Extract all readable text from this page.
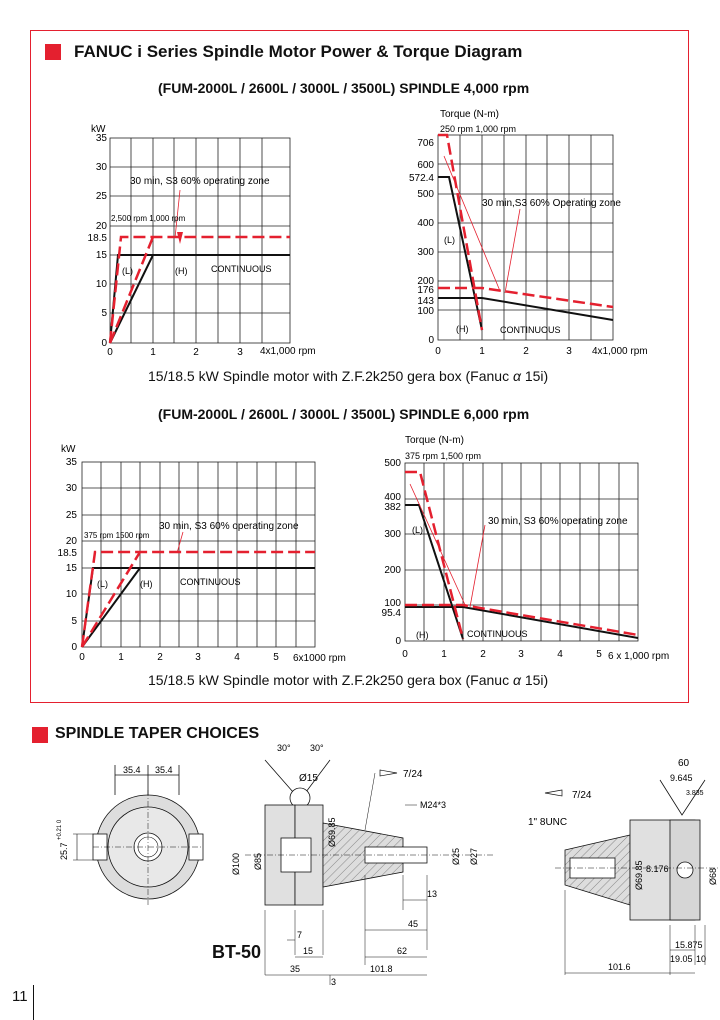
FANUC i Series Spindle Motor Power & Torque Diagram
(FUM-2000L / 2600L / 3000L / 3500L) SPINDLE 4,000 rpm
35
30
25
20
18.5
15
10
5
0
0	1	2	3
kW
4x1,000 rpm
30 min, S3 60% operating zone
2,500 rpm 1,000 rpm
(L)	(H)	CONTINUOUS
706
600
572.4
500
400
300
200
176
143
100
0
0	1	2	3
Torque (N-m)
250 rpm 1,000 rpm
4x1,000 rpm
30 min,S3 60% Operating zone
(L)
(H)	CONTINUOUS
15/18.5 kW Spindle motor with Z.F.2k250 gera box (Fanuc α 15i)
(FUM-2000L / 2600L / 3000L / 3500L) SPINDLE 6,000 rpm
35
30
25
20
18.5
15
10
5
0
0	1	2	3	4	5
kW
6x1000 rpm
30 min, S3 60% operating zone
375 rpm 1500 rpm
(L)	(H)	CONTINUOUS
500
400
382
300
200
100
95.4
0
0	1	2	3	4	5
Torque (N-m)
375 rpm 1,500 rpm
6 x 1,000 rpm
30 min, S3 60% operating zone
(L)
(H)	CONTINUOUS
15/18.5 kW Spindle motor with Z.F.2k250 gera box (Fanuc α 15i)
SPINDLE TAPER CHOICES
35.4 35.4
25.7
+0.21 0
30° 30°
Ø15	7/24
M24*3
Ø100 Ø85
Ø69.85
Ø25 Ø27
13
45
7
15	62
35	101.8
3
BT-50
60
9.645
3.835
7/24
1" 8UNC
8.176
Ø69.85	Ø68
15.875
19.05 10
101.6
11
